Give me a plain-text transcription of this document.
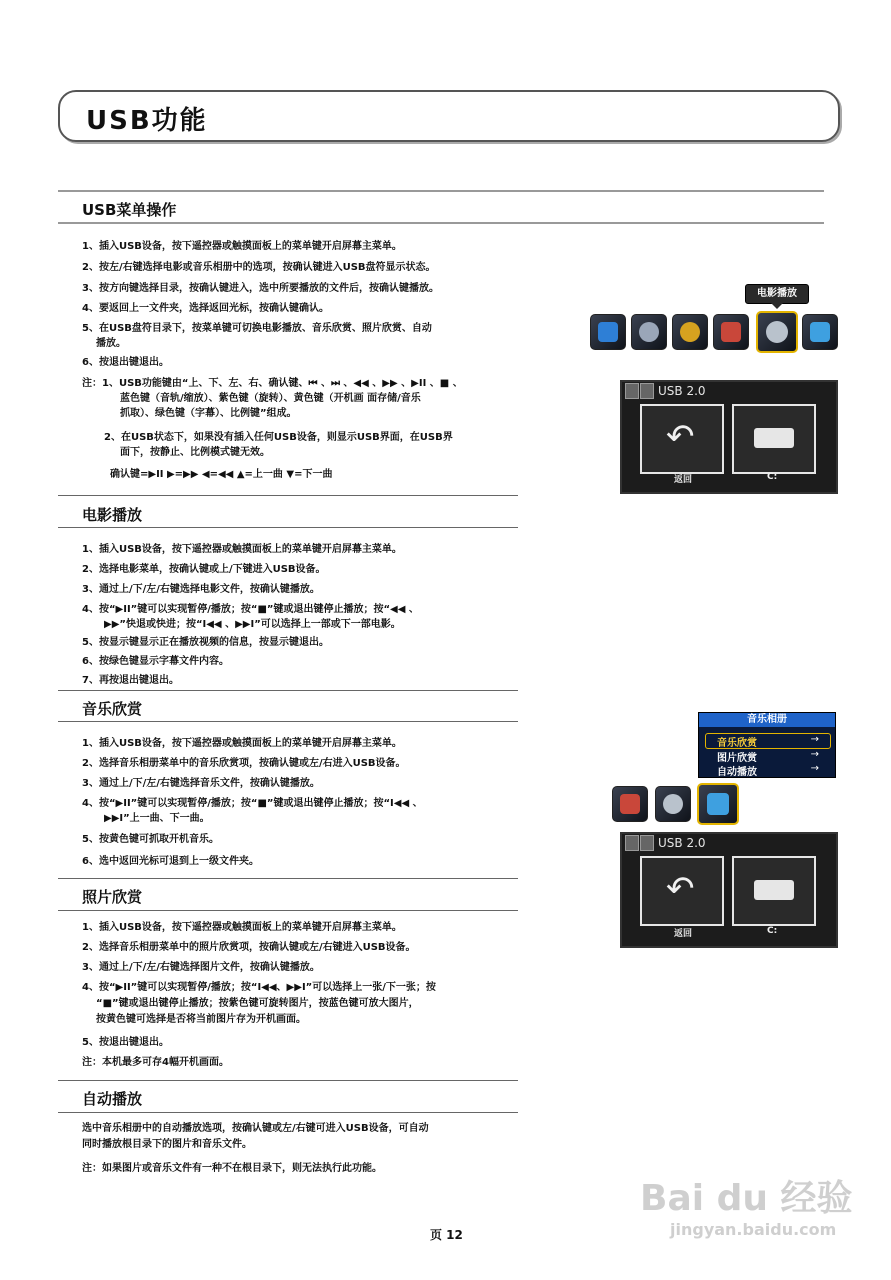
USB功能
USB菜单操作
1、插入USB设备，按下遥控器或触摸面板上的菜单键开启屏幕主菜单。
2、按左/右键选择电影或音乐相册中的选项，按确认键进入USB盘符显示状态。
3、按方向键选择目录，按确认键进入，选中所要播放的文件后，按确认键播放。
4、要返回上一文件夹，选择返回光标，按确认键确认。
5、在USB盘符目录下，按菜单键可切换电影播放、音乐欣赏、照片欣赏、自动
播放。
6、按退出键退出。
注：1、USB功能键由“上、下、左、右、确认键、⏮ 、⏭ 、◀◀ 、▶▶ 、▶II 、■ 、
蓝色键（音轨/缩放）、紫色键（旋转）、黄色键（开机画 面存储/音乐
抓取）、绿色键（字幕）、比例键”组成。
2、在USB状态下，如果没有插入任何USB设备，则显示USB界面，在USB界
面下，按静止、比例模式键无效。
确认键=▶II ▶=▶▶ ◀=◀◀ ▲=上一曲 ▼=下一曲
电影播放
1、插入USB设备，按下遥控器或触摸面板上的菜单键开启屏幕主菜单。
2、选择电影菜单，按确认键或上/下键进入USB设备。
3、通过上/下/左/右键选择电影文件，按确认键播放。
4、按“▶II”键可以实现暂停/播放；按“■”键或退出键停止播放；按“◀◀ 、
▶▶”快退或快进；按“I◀◀ 、▶▶I”可以选择上一部或下一部电影。
5、按显示键显示正在播放视频的信息，按显示键退出。
6、按绿色键显示字幕文件内容。
7、再按退出键退出。
音乐欣赏
1、插入USB设备，按下遥控器或触摸面板上的菜单键开启屏幕主菜单。
2、选择音乐相册菜单中的音乐欣赏项，按确认键或左/右进入USB设备。
3、通过上/下/左/右键选择音乐文件，按确认键播放。
4、按“▶II”键可以实现暂停/播放；按“■”键或退出键停止播放；按“I◀◀ 、
▶▶I”上一曲、下一曲。
5、按黄色键可抓取开机音乐。
6、选中返回光标可退到上一级文件夹。
照片欣赏
1、插入USB设备，按下遥控器或触摸面板上的菜单键开启屏幕主菜单。
2、选择音乐相册菜单中的照片欣赏项，按确认键或左/右键进入USB设备。
3、通过上/下/左/右键选择图片文件，按确认键播放。
4、按“▶II”键可以实现暂停/播放；按“I◀◀、▶▶I”可以选择上一张/下一张；按
“■”键或退出键停止播放；按紫色键可旋转图片，按蓝色键可放大图片，
按黄色键可选择是否将当前图片存为开机画面。
5、按退出键退出。
注：本机最多可存4幅开机画面。
自动播放
选中音乐相册中的自动播放选项，按确认键或左/右键可进入USB设备，可自动
同时播放根目录下的图片和音乐文件。
注：如果图片或音乐文件有一种不在根目录下，则无法执行此功能。
电影播放
USB 2.0
↶
返回	C:
音乐相册
音乐欣赏	→
图片欣赏	→
自动播放	→
USB 2.0
↶
返回	C:
页 12
Bai du 经验
jingyan.baidu.com
